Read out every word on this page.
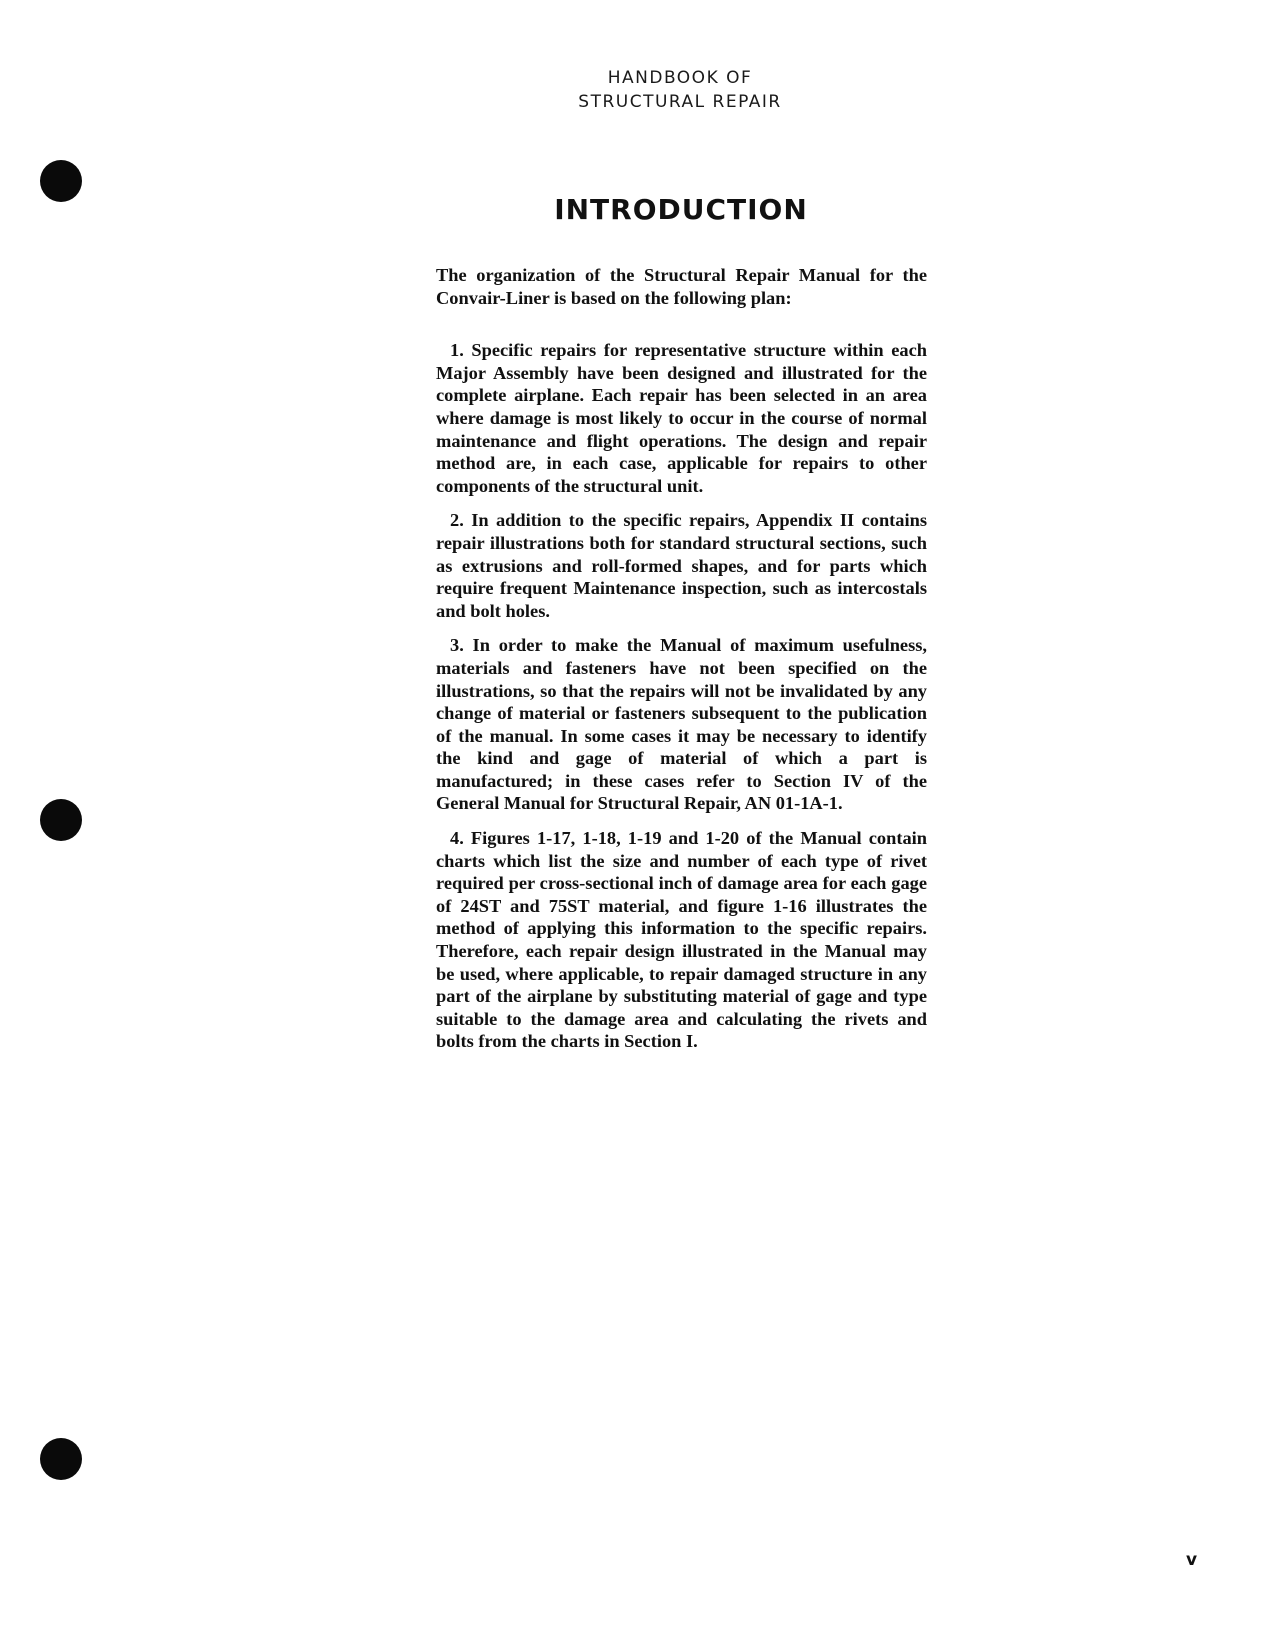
HANDBOOK OF
STRUCTURAL REPAIR
INTRODUCTION

The organization of the Structural Repair Manual for the Convair-Liner is based on the following plan:

1. Specific repairs for representative structure within each Major Assembly have been designed and illustrated for the complete airplane. Each repair has been selected in an area where damage is most likely to occur in the course of normal maintenance and flight operations. The design and repair method are, in each case, applicable for repairs to other components of the structural unit.

2. In addition to the specific repairs, Appendix II contains repair illustrations both for standard structural sections, such as extrusions and roll-formed shapes, and for parts which require frequent Maintenance inspection, such as intercostals and bolt holes.

3. In order to make the Manual of maximum usefulness, materials and fasteners have not been specified on the illustrations, so that the repairs will not be invalidated by any change of material or fasteners subsequent to the publication of the manual. In some cases it may be necessary to identify the kind and gage of material of which a part is manufactured; in these cases refer to Section IV of the General Manual for Structural Repair, AN 01-1A-1.

4. Figures 1-17, 1-18, 1-19 and 1-20 of the Manual contain charts which list the size and number of each type of rivet required per cross-sectional inch of damage area for each gage of 24ST and 75ST material, and figure 1-16 illustrates the method of applying this information to the specific repairs. Therefore, each repair design illustrated in the Manual may be used, where applicable, to repair damaged structure in any part of the airplane by substituting material of gage and type suitable to the damage area and calculating the rivets and bolts from the charts in Section I.

v
